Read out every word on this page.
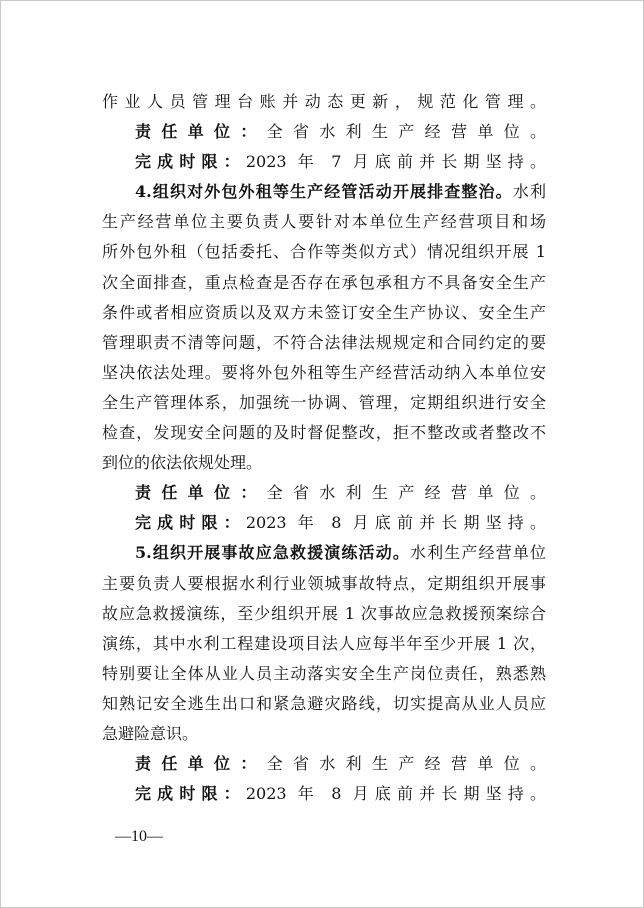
作业人员管理台账并动态更新，规范化管理。
责任单位：全省水利生产经营单位。
完成时限：2023 年 7 月底前并长期坚持。
4.组织对外包外租等生产经管活动开展排查整治。水利
生产经营单位主要负责人要针对本单位生产经营项目和场
所外包外租（包括委托、合作等类似方式）情况组织开展 1
次全面排查，重点检查是否存在承包承租方不具备安全生产
条件或者相应资质以及双方未签订安全生产协议、安全生产
管理职责不清等问题，不符合法律法规规定和合同约定的要
坚决依法处理。要将外包外租等生产经营活动纳入本单位安
全生产管理体系，加强统一协调、管理，定期组织进行安全
检查，发现安全问题的及时督促整改，拒不整改或者整改不
到位的依法依规处理。
责任单位：全省水利生产经营单位。
完成时限：2023 年 8 月底前并长期坚持。
5.组织开展事故应急救援演练活动。水利生产经营单位
主要负责人要根据水利行业领城事故特点，定期组织开展事
故应急救援演练，至少组织开展 1 次事故应急救援预案综合
演练，其中水利工程建设项目法人应每半年至少开展 1 次，
特别要让全体从业人员主动落实安全生产岗位责任，熟悉熟
知熟记安全逃生出口和紧急避灾路线，切实提高从业人员应
急避险意识。
责任单位：全省水利生产经营单位。
完成时限：2023 年 8 月底前并长期坚持。
—10—
